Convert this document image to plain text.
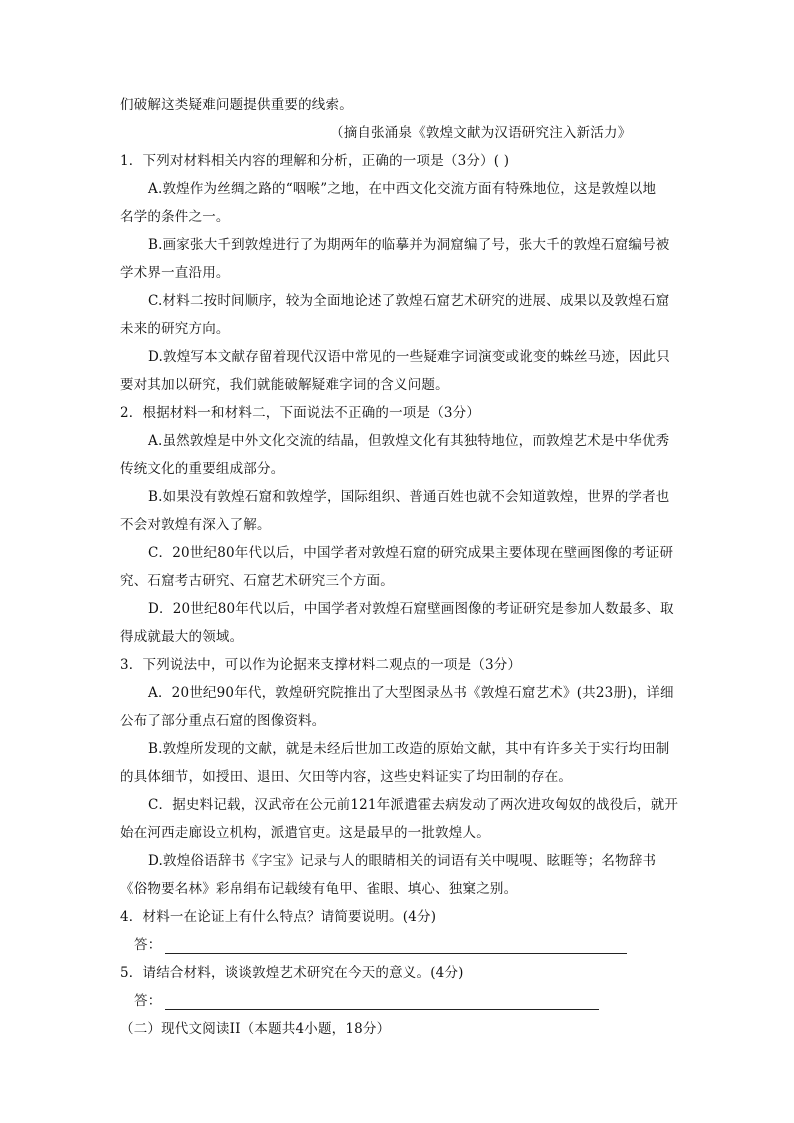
们破解这类疑难问题提供重要的线索。
（摘自张涌泉《敦煌文献为汉语研究注入新活力》
1．下列对材料相关内容的理解和分析，正确的一项是（3分）( )
A.敦煌作为丝绸之路的“咽喉”之地，在中西文化交流方面有特殊地位，这是敦煌以地
名学的条件之一。
B.画家张大千到敦煌进行了为期两年的临摹并为洞窟编了号，张大千的敦煌石窟编号被
学术界一直沿用。
C.材料二按时间顺序，较为全面地论述了敦煌石窟艺术研究的进展、成果以及敦煌石窟
未来的研究方向。
D.敦煌写本文献存留着现代汉语中常见的一些疑难字词演变或讹变的蛛丝马迹，因此只
要对其加以研究，我们就能破解疑难字词的含义问题。
2．根据材料一和材料二，下面说法不正确的一项是（3分）
A.虽然敦煌是中外文化交流的结晶，但敦煌文化有其独特地位，而敦煌艺术是中华优秀
传统文化的重要组成部分。
B.如果没有敦煌石窟和敦煌学，国际组织、普通百姓也就不会知道敦煌，世界的学者也
不会对敦煌有深入了解。
C．20世纪80年代以后，中国学者对敦煌石窟的研究成果主要体现在壁画图像的考证研
究、石窟考古研究、石窟艺术研究三个方面。
D．20世纪80年代以后，中国学者对敦煌石窟壁画图像的考证研究是参加人数最多、取
得成就最大的领域。
3．下列说法中，可以作为论据来支撑材料二观点的一项是（3分）
A．20世纪90年代，敦煌研究院推出了大型图录丛书《敦煌石窟艺术》(共23册)，详细
公布了部分重点石窟的图像资料。
B.敦煌所发现的文献，就是未经后世加工改造的原始文献，其中有许多关于实行均田制
的具体细节，如授田、退田、欠田等内容，这些史料证实了均田制的存在。
C．据史料记载，汉武帝在公元前121年派遣霍去病发动了两次进攻匈奴的战役后，就开
始在河西走廊设立机构，派遣官吏。这是最早的一批敦煌人。
D.敦煌俗语辞书《字宝》记录与人的眼睛相关的词语有关中哯哯、眩睚等；名物辞书
《俗物要名林》彩帛绢布记载绫有龟甲、雀眼、填心、独窠之别。
4．材料一在论证上有什么特点？请简要说明。(4分)
答：
5．请结合材料，谈谈敦煌艺术研究在今天的意义。(4分)
答：
（二）现代文阅读II（本题共4小题，18分）
